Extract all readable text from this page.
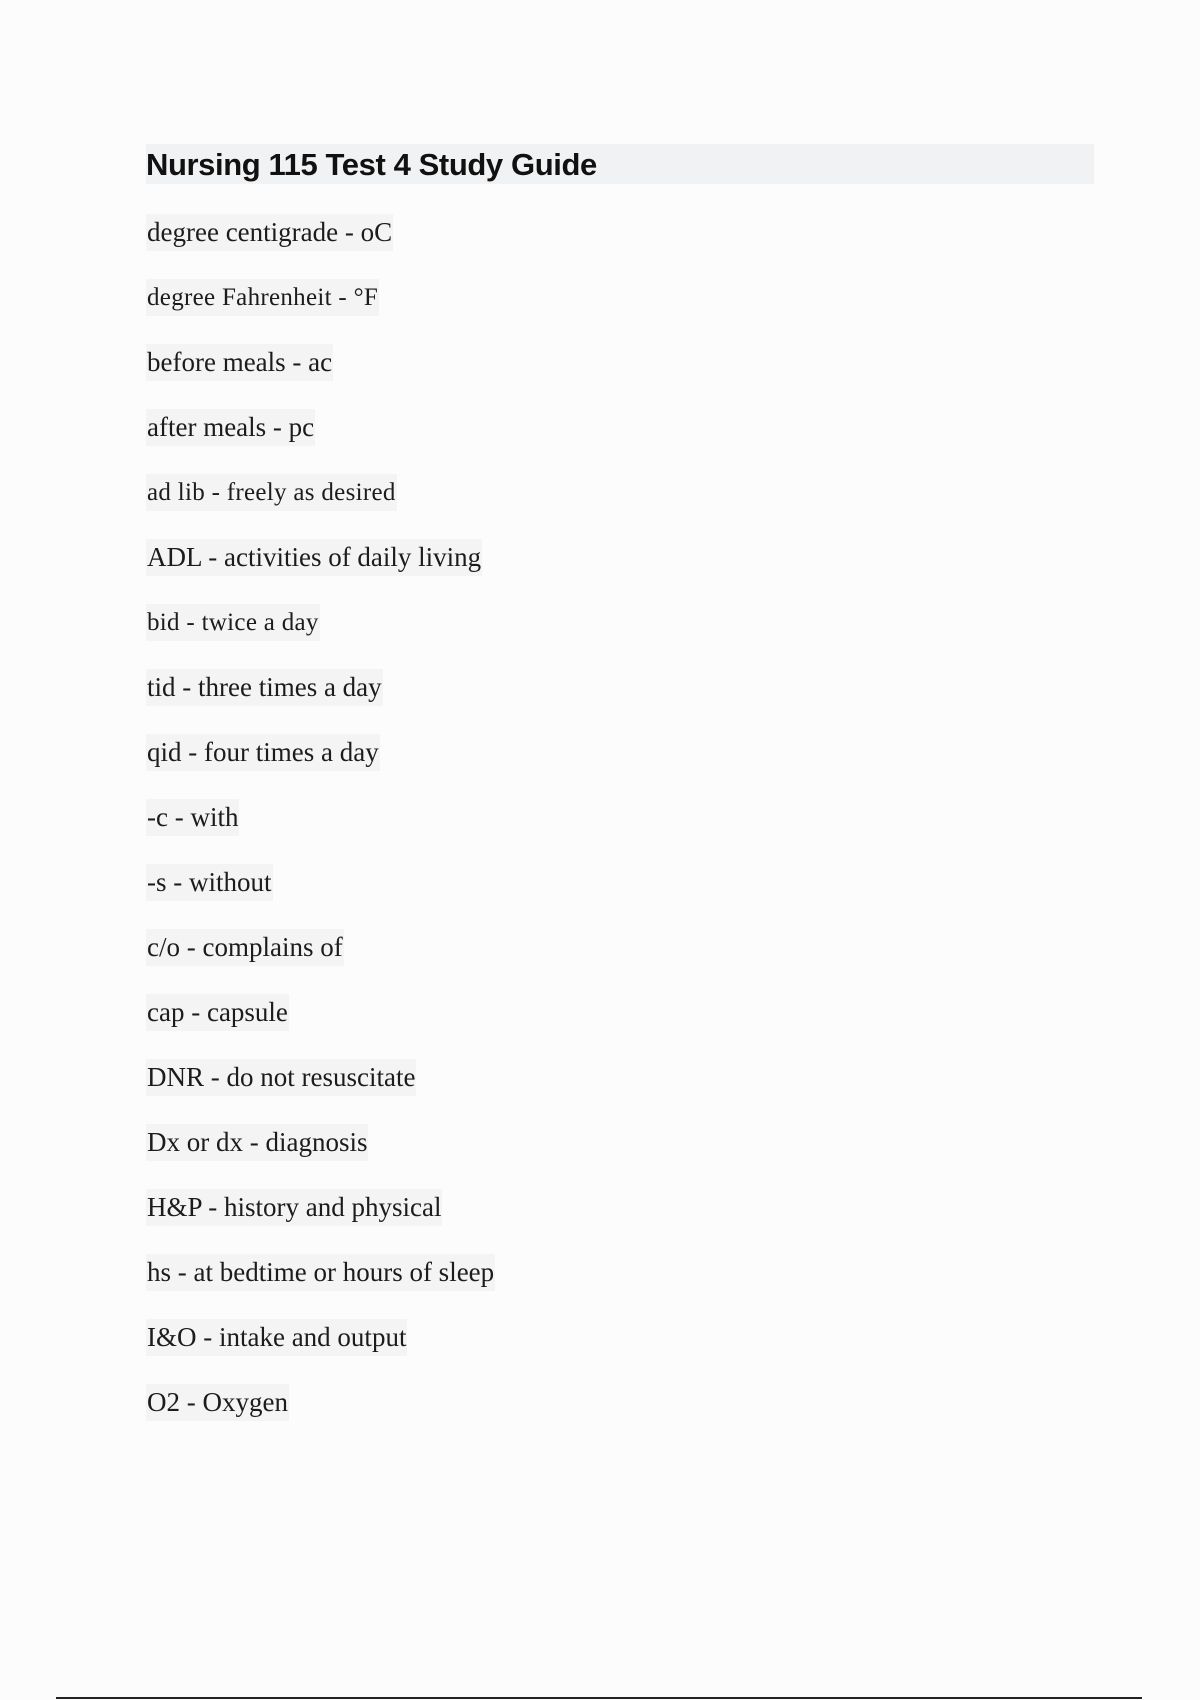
Nursing 115 Test 4 Study Guide
degree centigrade - oC
degree Fahrenheit - °F
before meals - ac
after meals - pc
ad lib - freely as desired
ADL - activities of daily living
bid - twice a day
tid - three times a day
qid - four times a day
-c - with
-s - without
c/o - complains of
cap - capsule
DNR - do not resuscitate
Dx or dx - diagnosis
H&P - history and physical
hs - at bedtime or hours of sleep
I&O - intake and output
O2 - Oxygen
